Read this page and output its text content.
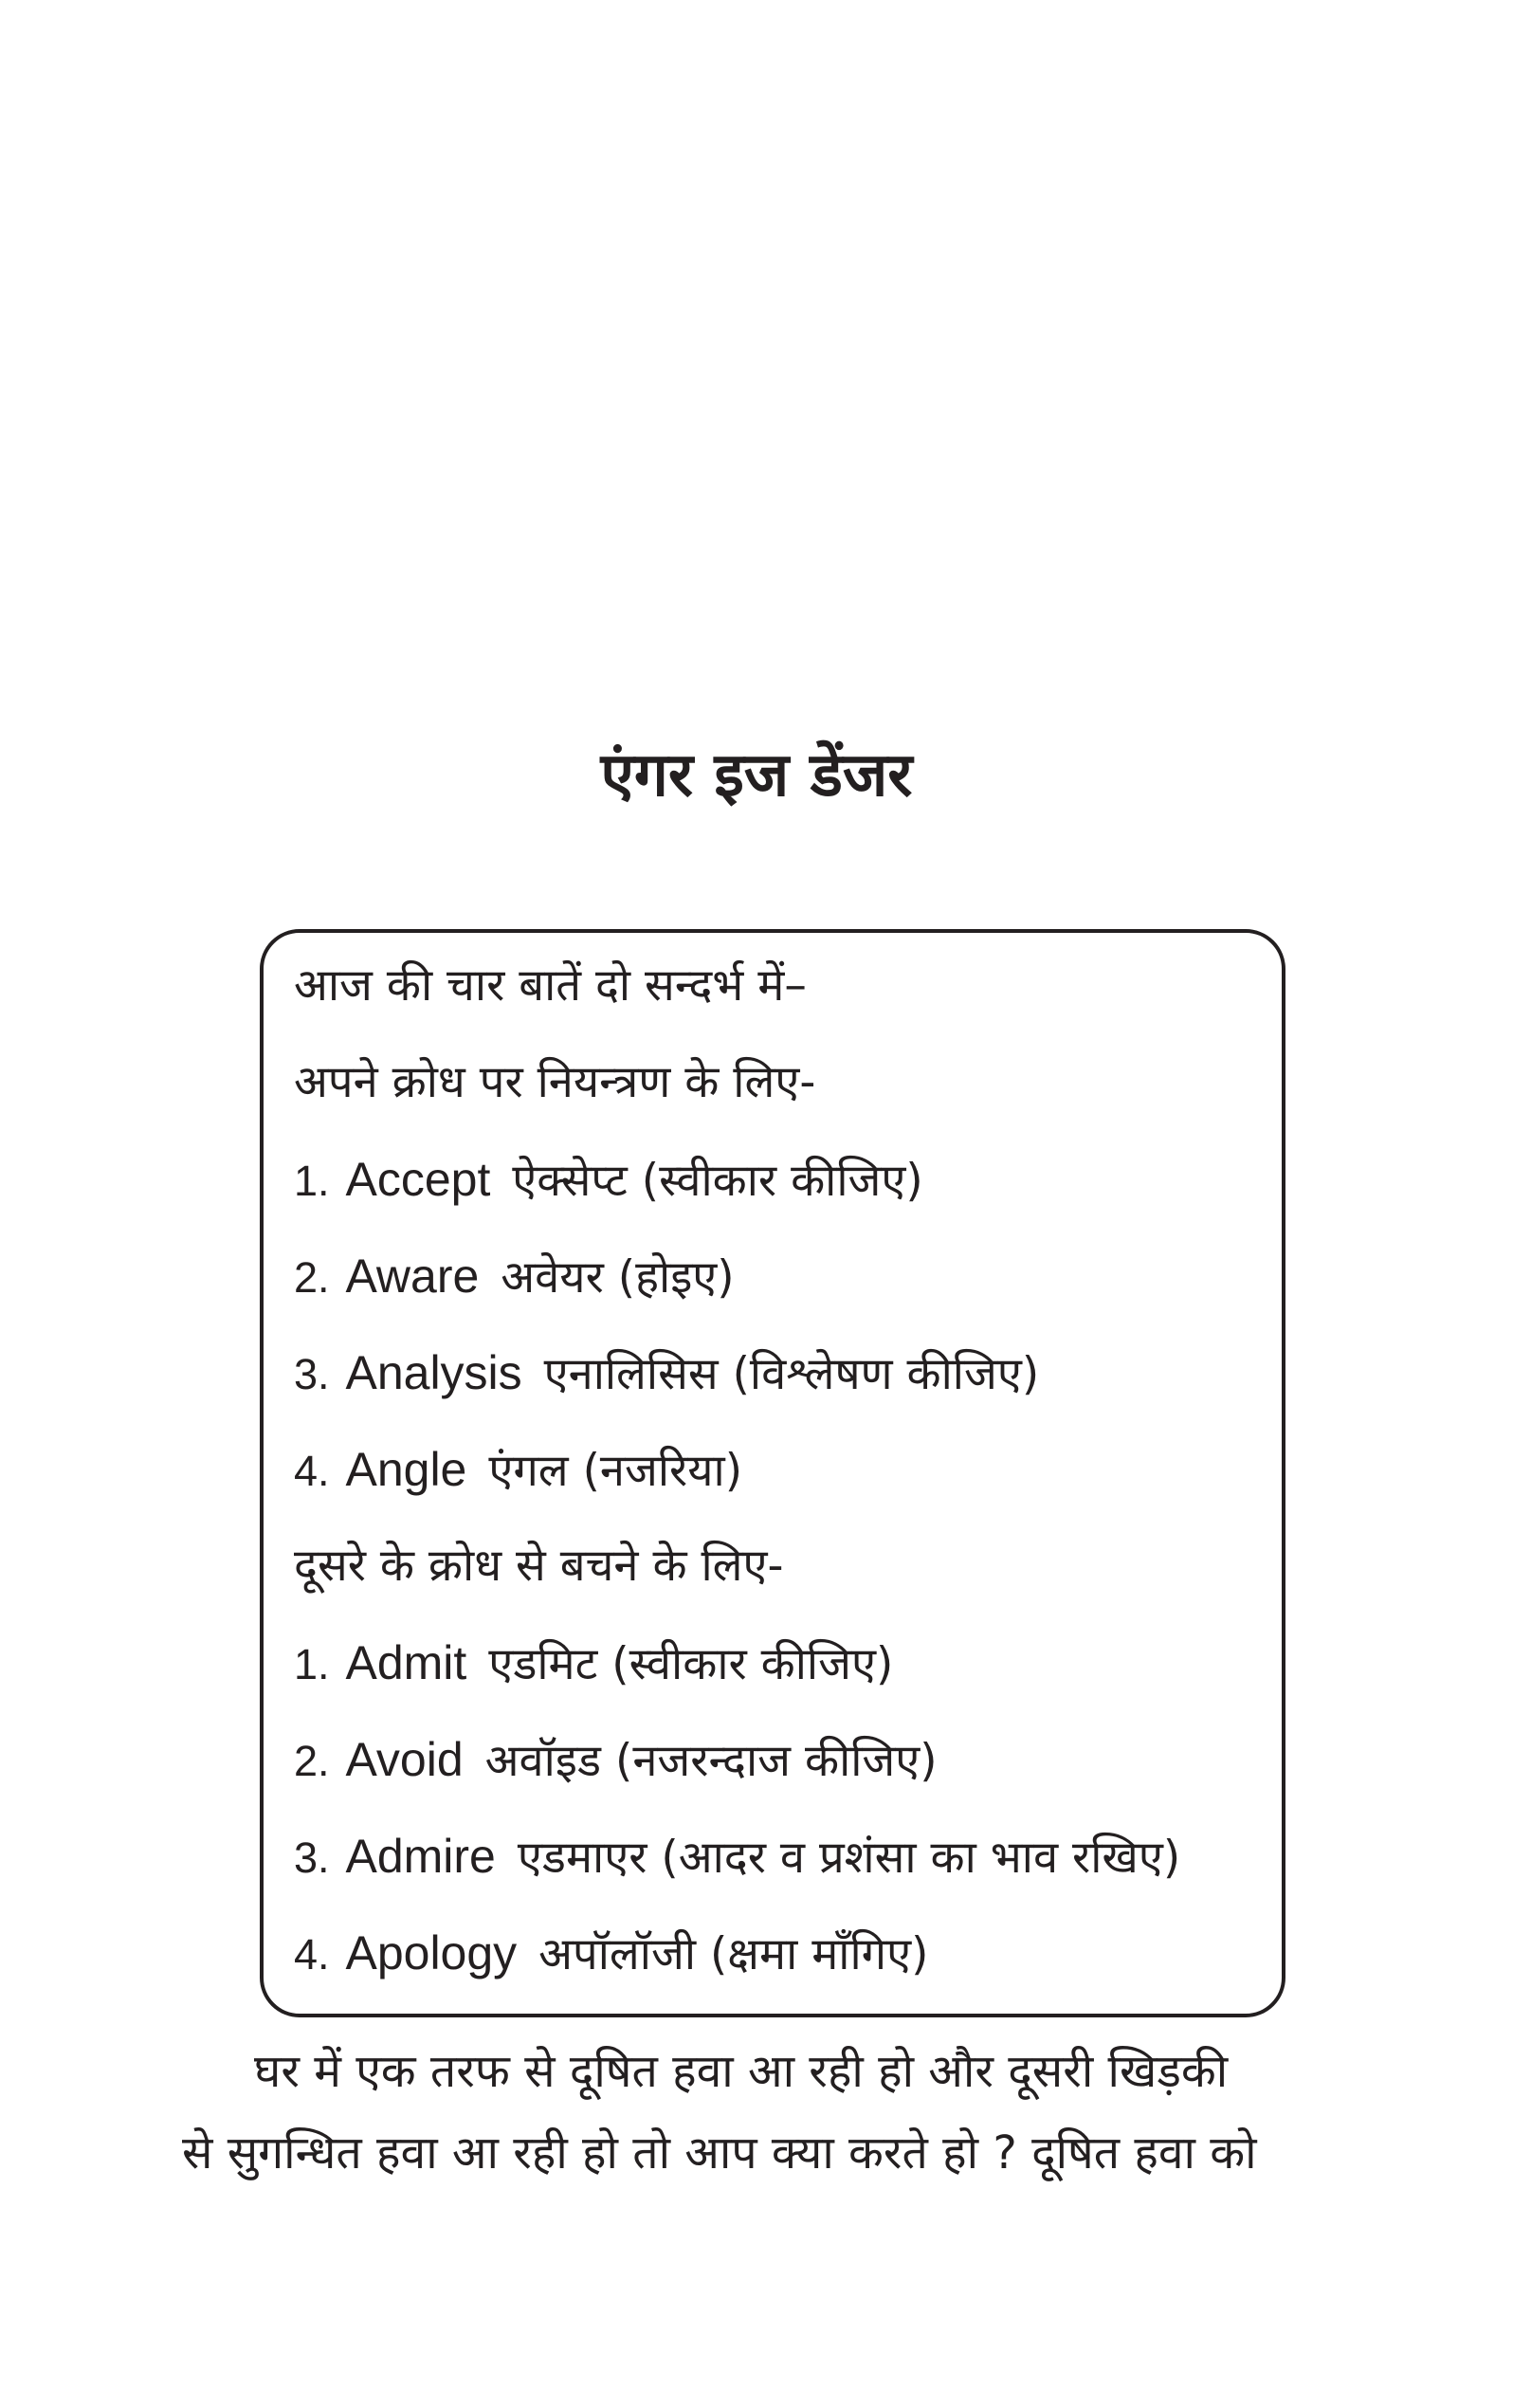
एंगर इज डेंजर
आज की चार बातें दो सन्दर्भ में–
अपने क्रोध पर नियन्त्रण के लिए-
1. Accept ऐक्सेप्ट (स्वीकार कीजिए)
2. Aware अवेयर (होइए)
3. Analysis एनालिसिस (विश्लेषण कीजिए)
4. Angle एंगल (नजरिया)
दूसरे के क्रोध से बचने के लिए-
1. Admit एडमिट (स्वीकार कीजिए)
2. Avoid अवॉइड (नजरन्दाज कीजिए)
3. Admire एडमाएर (आदर व प्रशंसा का भाव रखिए)
4. Apology अपॉलॉजी (क्षमा माँगिए)
घर में एक तरफ से दूषित हवा आ रही हो और दूसरी खिड़की
से सुगन्धित हवा आ रही हो तो आप क्या करते हो ? दूषित हवा को
